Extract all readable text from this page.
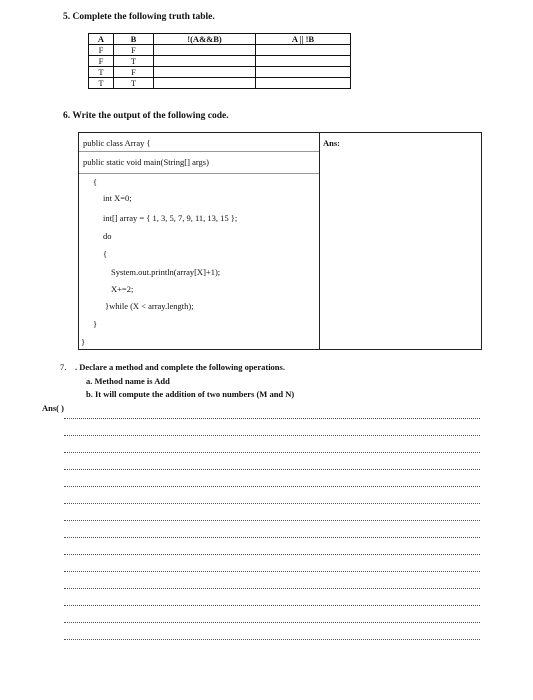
5. Complete the following truth table.
A	B	!(A&&B)	A || !B
F	F		
F	T		
T	F		
T	T		
6. Write the output of the following code.
public class Array {
public static void main(String[] args)
{
int X=0;
int[] array = { 1, 3, 5, 7, 9, 11, 13, 15 };
do
{
System.out.println(array[X]+1);
X+=2;
}while (X < array.length);
}
}
Ans:
7. . Declare a method and complete the following operations.
a. Method name is Add
b. It will compute the addition of two numbers (M and N)
Ans( )
